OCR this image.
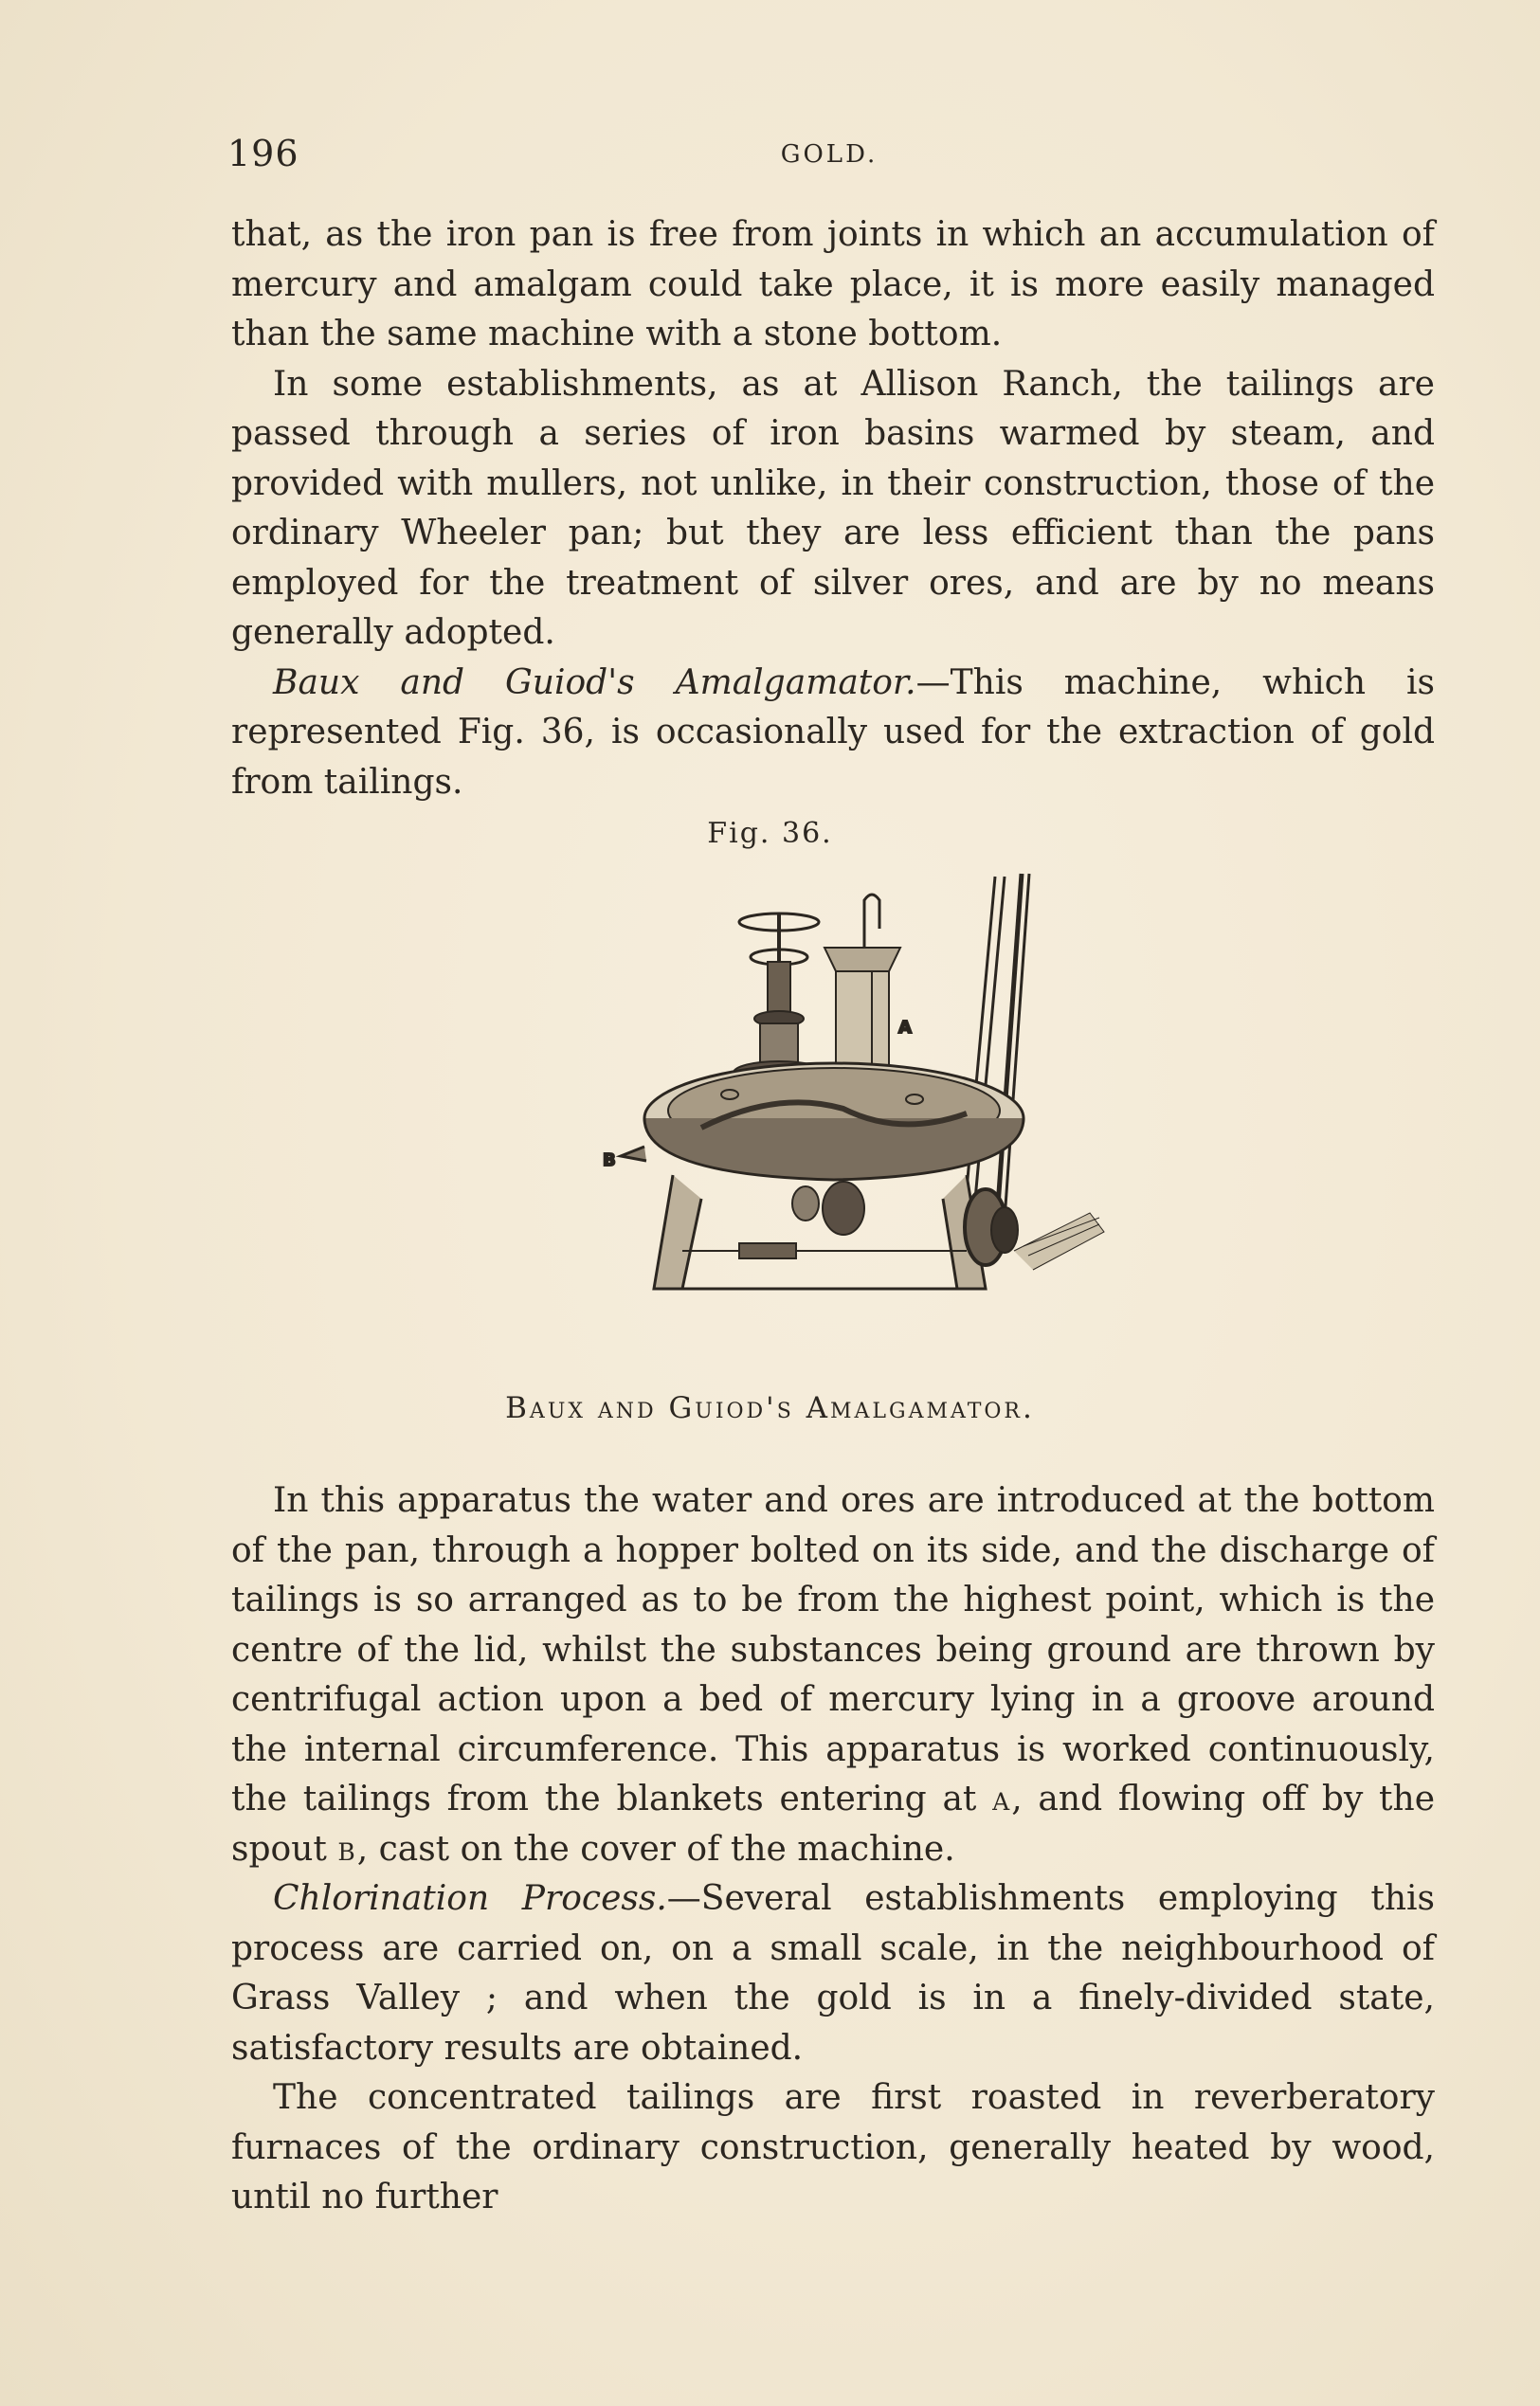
196	GOLD.

that, as the iron pan is free from joints in which an accumulation of mercury and amalgam could take place, it is more easily managed than the same machine with a stone bottom.

In some establishments, as at Allison Ranch, the tailings are passed through a series of iron basins warmed by steam, and provided with mullers, not unlike, in their construction, those of the ordinary Wheeler pan; but they are less efficient than the pans employed for the treatment of silver ores, and are by no means generally adopted.

Baux and Guiod's Amalgamator.—This machine, which is represented Fig. 36, is occasionally used for the extraction of gold from tailings.

Fig. 36.
A
B
Baux and Guiod's Amalgamator.

In this apparatus the water and ores are introduced at the bottom of the pan, through a hopper bolted on its side, and the discharge of tailings is so arranged as to be from the highest point, which is the centre of the lid, whilst the substances being ground are thrown by centrifugal action upon a bed of mercury lying in a groove around the internal circumference. This apparatus is worked continuously, the tailings from the blankets entering at a, and flowing off by the spout b, cast on the cover of the machine.

Chlorination Process.—Several establishments employing this process are carried on, on a small scale, in the neighbourhood of Grass Valley ; and when the gold is in a finely-divided state, satisfactory results are obtained.

The concentrated tailings are first roasted in reverberatory furnaces of the ordinary construction, generally heated by wood, until no further
